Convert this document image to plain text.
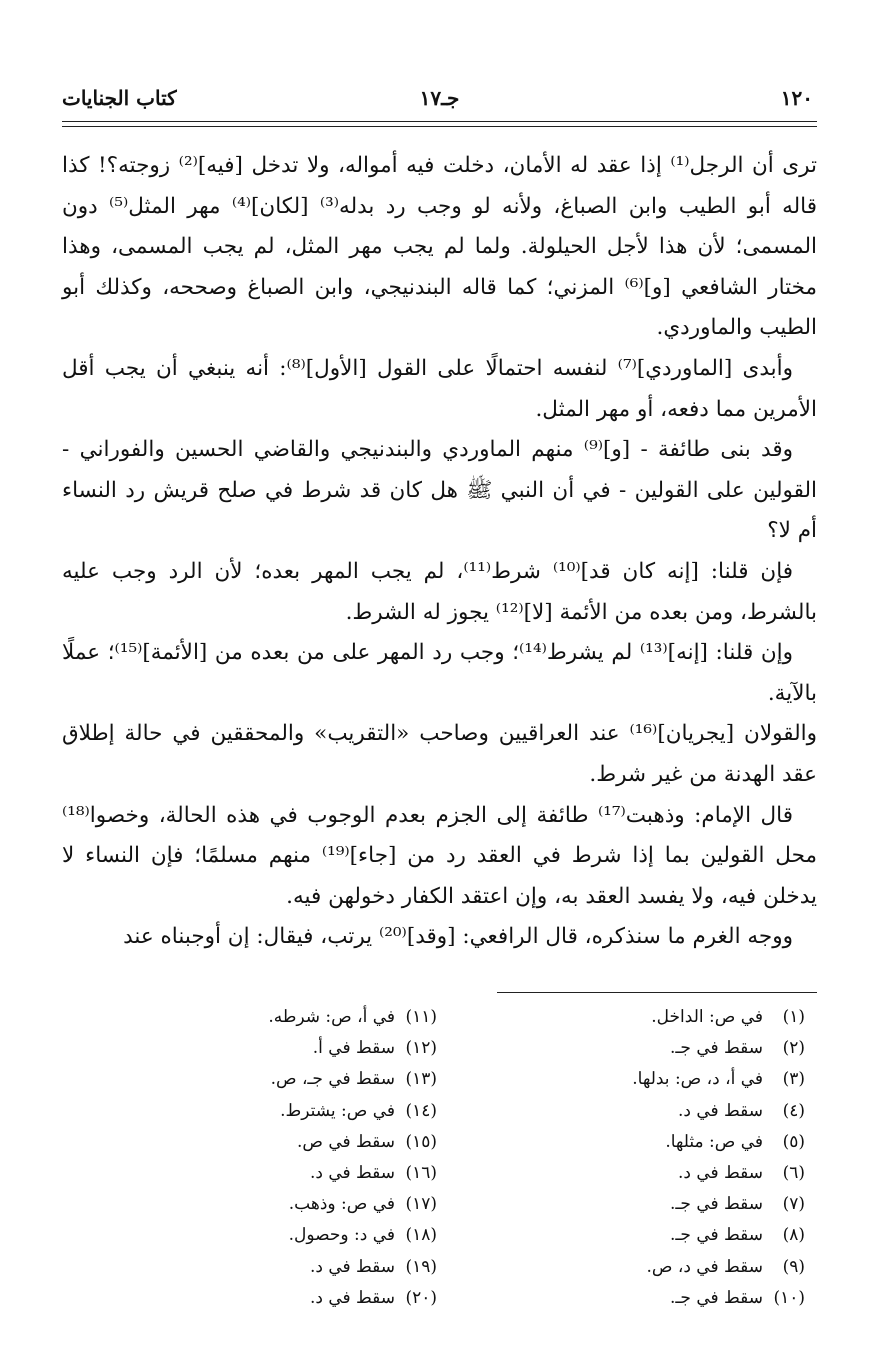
١٢٠
جـ١٧
كتاب الجنايات

ترى أن الرجل⁽¹⁾ إذا عقد له الأمان، دخلت فيه أمواله، ولا تدخل [فيه]⁽²⁾ زوجته؟! كذا قاله أبو الطيب وابن الصباغ، ولأنه لو وجب رد بدله⁽³⁾ [لكان]⁽⁴⁾ مهر المثل⁽⁵⁾ دون المسمى؛ لأن هذا لأجل الحيلولة. ولما لم يجب مهر المثل، لم يجب المسمى، وهذا مختار الشافعي [و]⁽⁶⁾ المزني؛ كما قاله البندنيجي، وابن الصباغ وصححه، وكذلك أبو الطيب والماوردي.

وأبدى [الماوردي]⁽⁷⁾ لنفسه احتمالًا على القول [الأول]⁽⁸⁾: أنه ينبغي أن يجب أقل الأمرين مما دفعه، أو مهر المثل.

وقد بنى طائفة - [و]⁽⁹⁾ منهم الماوردي والبندنيجي والقاضي الحسين والفوراني - القولين على القولين - في أن النبي ﷺ هل كان قد شرط في صلح قريش رد النساء أم لا؟

فإن قلنا: [إنه كان قد]⁽¹⁰⁾ شرط⁽¹¹⁾، لم يجب المهر بعده؛ لأن الرد وجب عليه بالشرط، ومن بعده من الأئمة [لا]⁽¹²⁾ يجوز له الشرط.

وإن قلنا: [إنه]⁽¹³⁾ لم يشرط⁽¹⁴⁾؛ وجب رد المهر على من بعده من [الأئمة]⁽¹⁵⁾؛ عملًا بالآية.

والقولان [يجريان]⁽¹⁶⁾ عند العراقيين وصاحب «التقريب» والمحققين في حالة إطلاق عقد الهدنة من غير شرط.

قال الإمام: وذهبت⁽¹⁷⁾ طائفة إلى الجزم بعدم الوجوب في هذه الحالة، وخصوا⁽¹⁸⁾ محل القولين بما إذا شرط في العقد رد من [جاء]⁽¹⁹⁾ منهم مسلمًا؛ فإن النساء لا يدخلن فيه، ولا يفسد العقد به، وإن اعتقد الكفار دخولهن فيه.

ووجه الغرم ما سنذكره، قال الرافعي: [وقد]⁽²⁰⁾ يرتب، فيقال: إن أوجبناه عند

(١)في ص: الداخل.
(٢)سقط في جـ.
(٣)في أ، د، ص: بدلها.
(٤)سقط في د.
(٥)في ص: مثلها.
(٦)سقط في د.
(٧)سقط في جـ.
(٨)سقط في جـ.
(٩)سقط في د، ص.
(١٠)سقط في جـ.
(١١)في أ، ص: شرطه.
(١٢)سقط في أ.
(١٣)سقط في جـ، ص.
(١٤)في ص: يشترط.
(١٥)سقط في ص.
(١٦)سقط في د.
(١٧)في ص: وذهب.
(١٨)في د: وحصول.
(١٩)سقط في د.
(٢٠)سقط في د.
